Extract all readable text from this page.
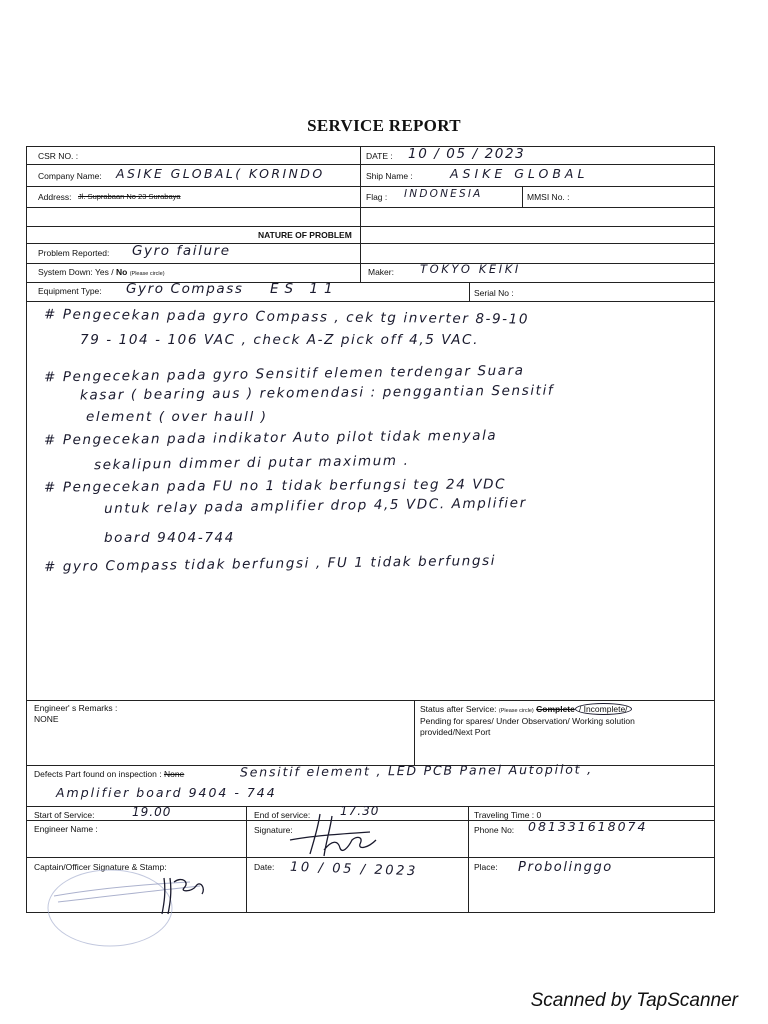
SERVICE REPORT
CSR NO. :	DATE : 10 / 05 / 2023
Company Name: ASIKE GLOBAL( KORINDO	Ship Name :	ASIKE GLOBAL
Address: Jl. Suprabaan No 23 Surabaya	Flag : INDONESIA	MMSI No. :
NATURE OF PROBLEM
Problem Reported: Gyro failure
System Down: Yes / No (Please circle)	Maker: TOKYO KEIKI
Equipment Type: Gyro Compass ES 11	Serial No :
# Pengecekan pada gyro Compass , cek tg inverter 8-9-10
79 - 104 - 106 VAC , check A-Z pick off 4,5 VAC.
# Pengecekan pada gyro Sensitif elemen terdengar Suara
kasar ( bearing aus ) rekomendasi : penggantian Sensitif
element ( over haull )
# Pengecekan pada indikator Auto pilot tidak menyala
sekalipun dimmer di putar maximum .
# Pengecekan pada FU no 1 tidak berfungsi teg 24 VDC
untuk relay pada amplifier drop 4,5 VDC. Amplifier
board 9404-744
# gyro Compass tidak berfungsi , FU 1 tidak berfungsi
Engineer' s Remarks :
NONE
Status after Service: (Please circle) Complete / Incomplete/
Pending for spares/ Under Observation/ Working solution
provided/Next Port
Defects Part found on inspection : None	Sensitif element , LED PCB Panel Autopilot ,
Amplifier board 9404 - 744
Start of Service:	19.00	End of service: 17.30	Traveling Time : 0
Engineer Name :	Signature:	Phone No: 081331618074
Captain/Officer Signature & Stamp:	Date: 10 / 05 / 2023	Place: Probolinggo
Scanned by TapScanner
